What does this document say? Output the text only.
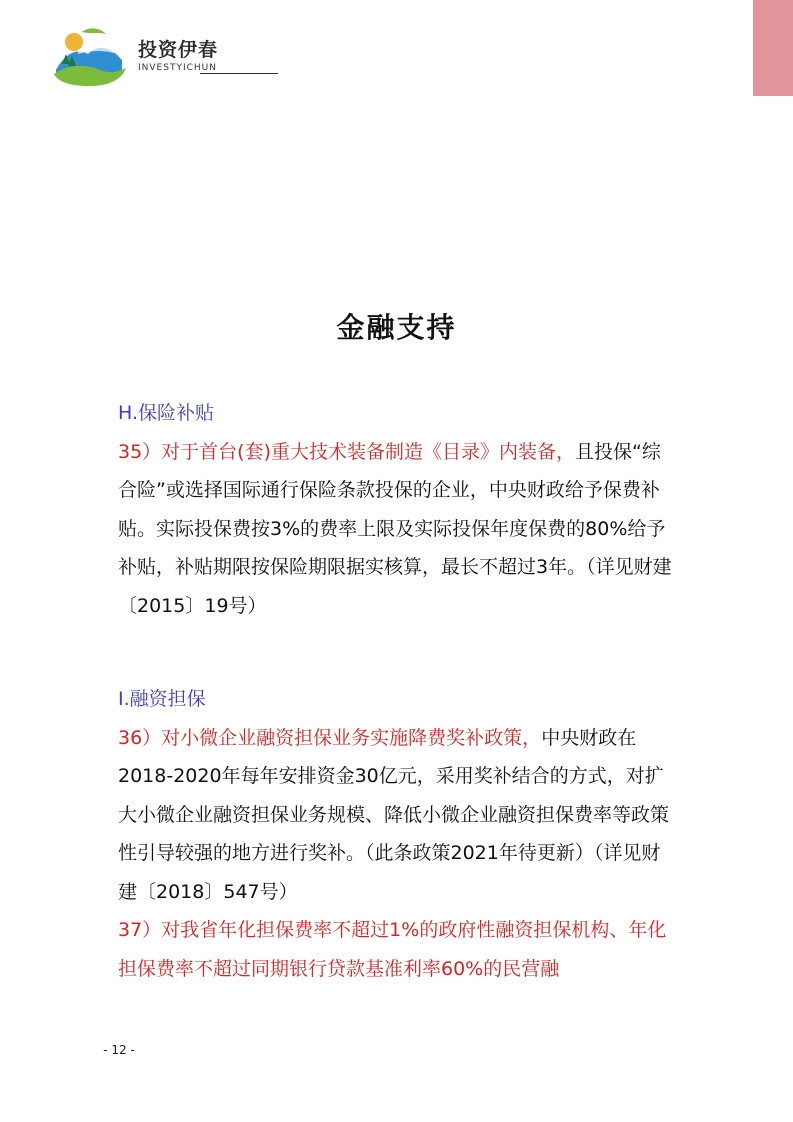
投资伊春
INVESTYICHUN
金融支持
H.保险补贴
35）对于首台(套)重大技术装备制造《目录》内装备，且投保“综合险”或选择国际通行保险条款投保的企业，中央财政给予保费补贴。实际投保费按3%的费率上限及实际投保年度保费的80%给予补贴，补贴期限按保险期限据实核算，最长不超过3年。（详见财建〔2015〕19号）
I.融资担保
36）对小微企业融资担保业务实施降费奖补政策，中央财政在2018-2020年每年安排资金30亿元，采用奖补结合的方式，对扩大小微企业融资担保业务规模、降低小微企业融资担保费率等政策性引导较强的地方进行奖补。（此条政策2021年待更新）（详见财建〔2018〕547号）
37）对我省年化担保费率不超过1%的政府性融资担保机构、年化担保费率不超过同期银行贷款基准利率60%的民营融
- 12 -
